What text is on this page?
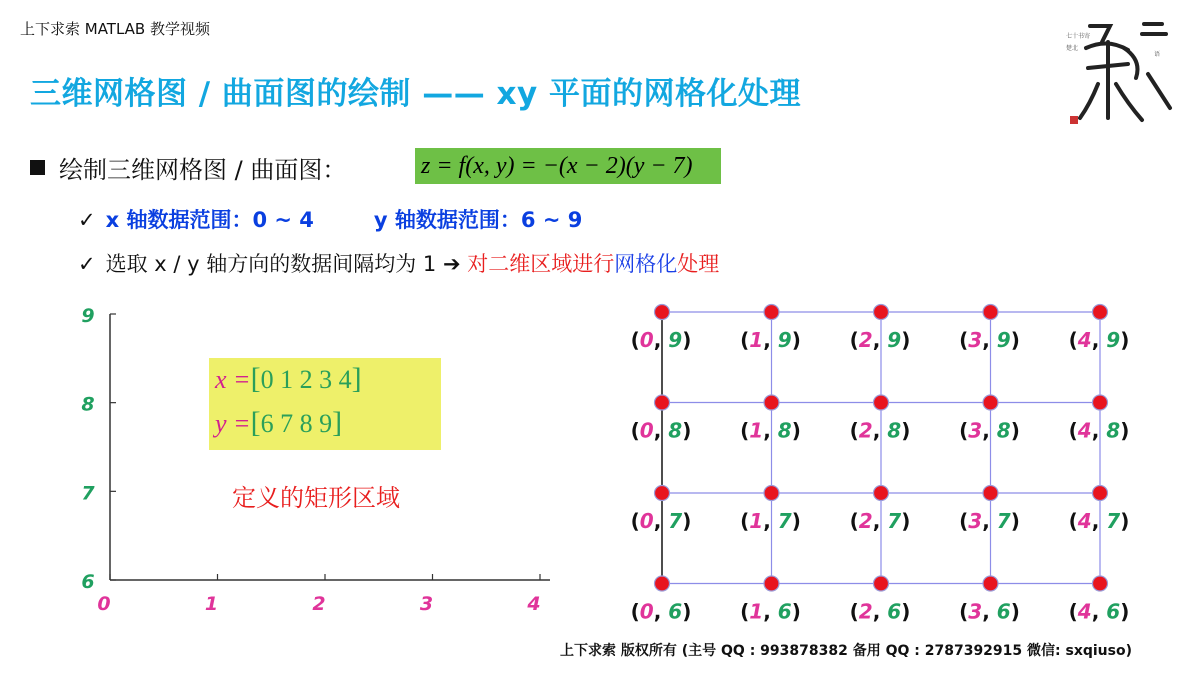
上下求索 MATLAB 教学视频
三维网格图 / 曲面图的绘制 —— xy 平面的网格化处理
七十书寄
楚北
语
绘制三维网格图 / 曲面图：	z = f(x, y) = −(x − 2)(y − 7)
✓ x 轴数据范围：0 ~ 4	y 轴数据范围：6 ~ 9
✓ 选取 x / y 轴方向的数据间隔均为 1 ➔ 对二维区域进行网格化处理
0	1	2	3	4
6
7
8
9
x =[0 1 2 3 4]
y =[6 7 8 9]
定义的矩形区域
(0, 9) (1, 9) (2, 9) (3, 9) (4, 9)
(0, 8) (1, 8) (2, 8) (3, 8) (4, 8)
(0, 7) (1, 7) (2, 7) (3, 7) (4, 7)
(0, 6) (1, 6) (2, 6) (3, 6) (4, 6)
上下求索 版权所有 (主号 QQ : 993878382 备用 QQ : 2787392915 微信: sxqiuso)
